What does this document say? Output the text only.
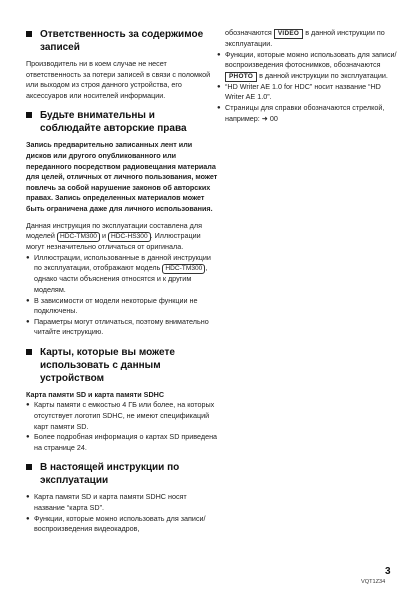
Ответственность за содержимое записей

Производитель ни в коем случае не несет ответственность за потери записей в связи с поломкой или выходом из строя данного устройства, его аксессуаров или носителей информации.

Будьте внимательны и соблюдайте авторские права

Запись предварительно записанных лент или дисков или другого опубликованного или переданного посредством радиовещания материала для целей, отличных от личного пользования, может повлечь за собой нарушение законов об авторских правах. Запись определенных материалов может быть ограничена даже для личного использования.

Данная инструкция по эксплуатации составлена для моделей HDC-TM300 и HDC-HS300 . Иллюстрации могут незначительно отличаться от оригинала.

● Иллюстрации, использованные в данной инструкции по эксплуатации, отображают модель HDC-TM300 , однако части объяснения относятся и к другим моделям.
● В зависимости от модели некоторые функции не подключены.
● Параметры могут отличаться, поэтому внимательно читайте инструкцию.
Карты, которые вы можете использовать с данным устройством

Карта памяти SD и карта памяти SDHC

● Карты памяти с емкостью 4 ГБ или более, на которых отсутствует логотип SDHC, не имеют спецификаций карт памяти SD.
● Более подробная информация о картах SD приведена на странице 24.
В настоящей инструкции по эксплуатации
● Карта памяти SD и карта памяти SDHC носят название “карта SD”.
● Функции, которые можно использовать для записи/воспроизведения видеокадров,

обозначаются VIDEO в данной инструкции по эксплуатации.

● Функции, которые можно использовать для записи/воспроизведения фотоснимков, обозначаются PHOTO в данной инструкции по эксплуатации.
● “HD Writer AE 1.0 for HDC” носит название “HD Writer AE 1.0”.
● Страницы для справки обозначаются стрелкой, например: ➜ 00
3
VQT1Z34
